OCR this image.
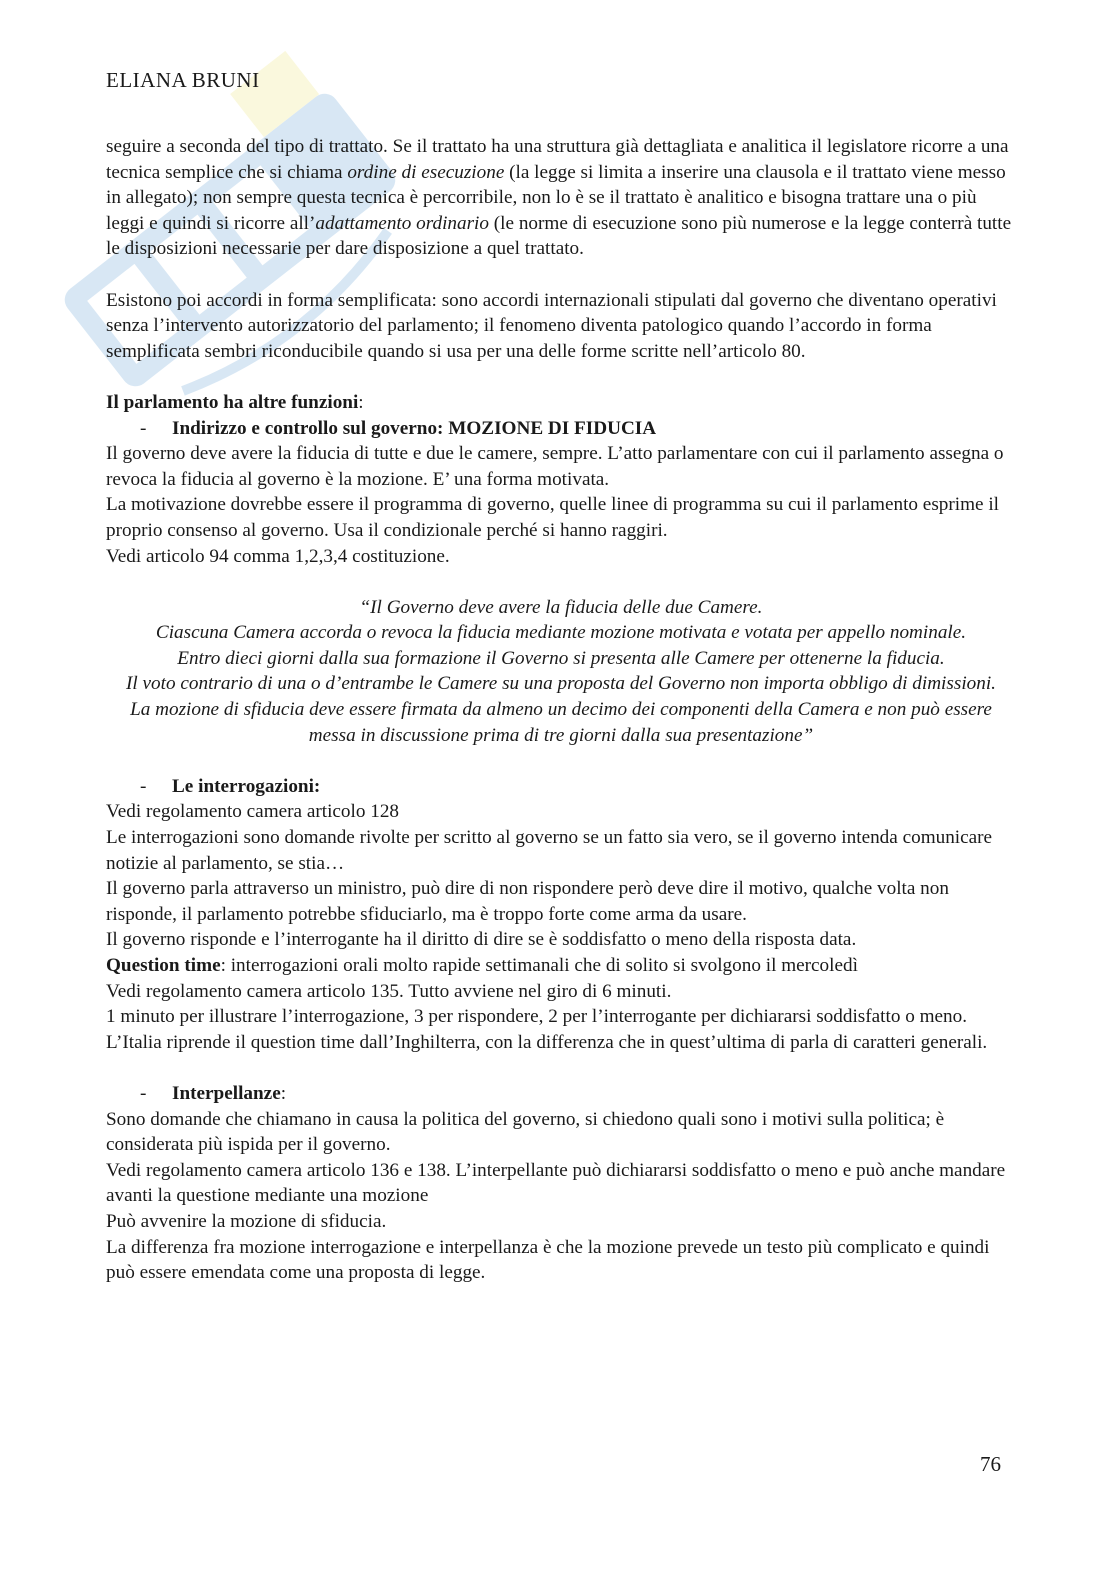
ELIANA BRUNI

seguire a seconda del tipo di trattato. Se il trattato ha una struttura già dettagliata e analitica il legislatore ricorre a una tecnica semplice che si chiama ordine di esecuzione (la legge si limita a inserire una clausola e il trattato viene messo in allegato); non sempre questa tecnica è percorribile, non lo è se il trattato è analitico e bisogna trattare una o più leggi e quindi si ricorre all’adattamento ordinario (le norme di esecuzione sono più numerose e la legge conterrà tutte le disposizioni necessarie per dare disposizione a quel trattato.

Esistono poi accordi in forma semplificata: sono accordi internazionali stipulati dal governo che diventano operativi senza l’intervento autorizzatorio del parlamento; il fenomeno diventa patologico quando l’accordo in forma semplificata sembri riconducibile quando si usa per una delle forme scritte nell’articolo 80.

Il parlamento ha altre funzioni:

- Indirizzo e controllo sul governo: MOZIONE DI FIDUCIA

Il governo deve avere la fiducia di tutte e due le camere, sempre. L’atto parlamentare con cui il parlamento assegna o revoca la fiducia al governo è la mozione. E’ una forma motivata.

La motivazione dovrebbe essere il programma di governo, quelle linee di programma su cui il parlamento esprime il proprio consenso al governo. Usa il condizionale perché si hanno raggiri.

Vedi articolo 94 comma 1,2,3,4 costituzione.

“Il Governo deve avere la fiducia delle due Camere.

Ciascuna Camera accorda o revoca la fiducia mediante mozione motivata e votata per appello nominale.

Entro dieci giorni dalla sua formazione il Governo si presenta alle Camere per ottenerne la fiducia.

Il voto contrario di una o d’entrambe le Camere su una proposta del Governo non importa obbligo di dimissioni.

La mozione di sfiducia deve essere firmata da almeno un decimo dei componenti della Camera e non può essere messa in discussione prima di tre giorni dalla sua presentazione”

- Le interrogazioni:

Vedi regolamento camera articolo 128

Le interrogazioni sono domande rivolte per scritto al governo se un fatto sia vero, se il governo intenda comunicare notizie al parlamento, se stia…

Il governo parla attraverso un ministro, può dire di non rispondere però deve dire il motivo, qualche volta non risponde, il parlamento potrebbe sfiduciarlo, ma è troppo forte come arma da usare.

Il governo risponde e l’interrogante ha il diritto di dire se è soddisfatto o meno della risposta data.

Question time: interrogazioni orali molto rapide settimanali che di solito si svolgono il mercoledì

Vedi regolamento camera articolo 135. Tutto avviene nel giro di 6 minuti.

1 minuto per illustrare l’interrogazione, 3 per rispondere, 2 per l’interrogante per dichiararsi soddisfatto o meno.

L’Italia riprende il question time dall’Inghilterra, con la differenza che in quest’ultima di parla di caratteri generali.

- Interpellanze:

Sono domande che chiamano in causa la politica del governo, si chiedono quali sono i motivi sulla politica; è considerata più ispida per il governo.

Vedi regolamento camera articolo 136 e 138. L’interpellante può dichiararsi soddisfatto o meno e può anche mandare avanti la questione mediante una mozione

Può avvenire la mozione di sfiducia.

La differenza fra mozione interrogazione e interpellanza è che la mozione prevede un testo più complicato e quindi può essere emendata come una proposta di legge.

76
